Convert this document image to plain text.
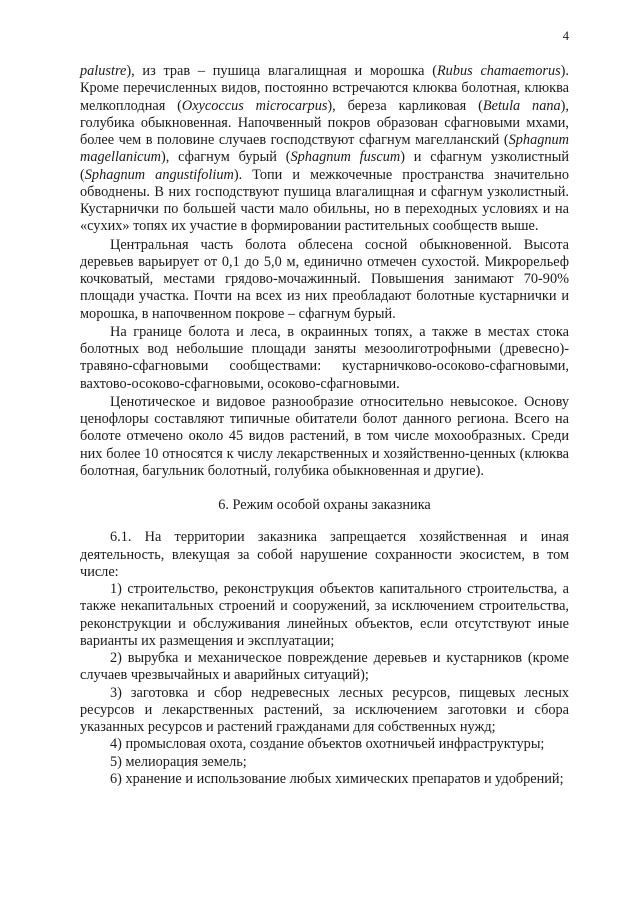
4

palustre), из трав – пушица влагалищная и морошка (Rubus chamaemorus). Кроме перечисленных видов, постоянно встречаются клюква болотная, клюква мелкоплодная (Oxycoccus microcarpus), береза карликовая (Betula nana), голубика обыкновенная. Напочвенный покров образован сфагновыми мхами, более чем в половине случаев господствуют сфагнум магелланский (Sphagnum magellanicum), сфагнум бурый (Sphagnum fuscum) и сфагнум узколистный (Sphagnum angustifolium). Топи и межкочечные пространства значительно обводнены. В них господствуют пушица влагалищная и сфагнум узколистный. Кустарнички по большей части мало обильны, но в переходных условиях и на «сухих» топях их участие в формировании растительных сообществ выше.

Центральная часть болота облесена сосной обыкновенной. Высота деревьев варьирует от 0,1 до 5,0 м, единично отмечен сухостой. Микрорельеф кочковатый, местами грядово-мочажинный. Повышения занимают 70-90% площади участка. Почти на всех из них преобладают болотные кустарнички и морошка, в напочвенном покрове – сфагнум бурый.

На границе болота и леса, в окраинных топях, а также в местах стока болотных вод небольшие площади заняты мезоолиготрофными (древесно)-травяно-сфагновыми сообществами: кустарничково-осоково-сфагновыми, вахтово-осоково-сфагновыми, осоково-сфагновыми.

Ценотическое и видовое разнообразие относительно невысокое. Основу ценофлоры составляют типичные обитатели болот данного региона. Всего на болоте отмечено около 45 видов растений, в том числе мохообразных. Среди них более 10 относятся к числу лекарственных и хозяйственно-ценных (клюква болотная, багульник болотный, голубика обыкновенная и другие).

6. Режим особой охраны заказника

6.1. На территории заказника запрещается хозяйственная и иная деятельность, влекущая за собой нарушение сохранности экосистем, в том числе:

1) строительство, реконструкция объектов капитального строительства, а также некапитальных строений и сооружений, за исключением строительства, реконструкции и обслуживания линейных объектов, если отсутствуют иные варианты их размещения и эксплуатации;

2) вырубка и механическое повреждение деревьев и кустарников (кроме случаев чрезвычайных и аварийных ситуаций);

3) заготовка и сбор недревесных лесных ресурсов, пищевых лесных ресурсов и лекарственных растений, за исключением заготовки и сбора указанных ресурсов и растений гражданами для собственных нужд;

4) промысловая охота, создание объектов охотничьей инфраструктуры;

5) мелиорация земель;

6) хранение и использование любых химических препаратов и удобрений;
